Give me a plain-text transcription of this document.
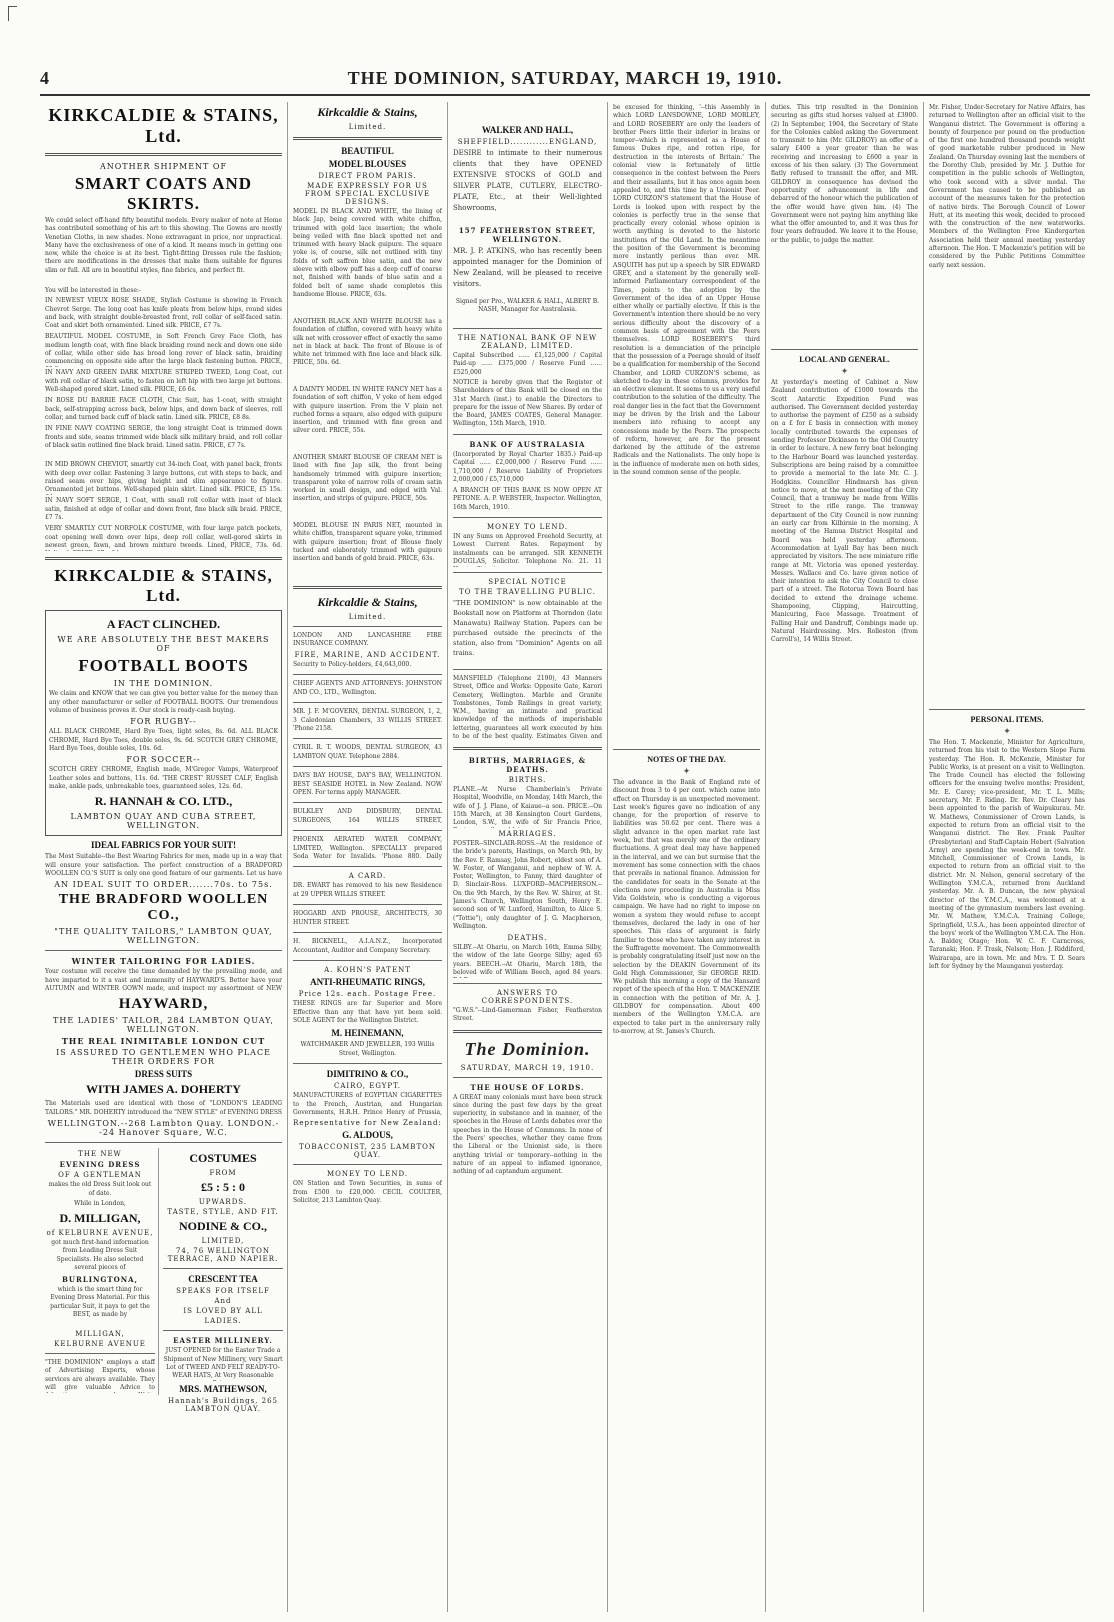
4	THE DOMINION, SATURDAY, MARCH 19, 1910.
KIRKCALDIE & STAINS, Ltd.
ANOTHER SHIPMENT OF
SMART COATS AND SKIRTS.
We could select off-hand fifty beautiful models. Every maker of note at Home has contributed something of his art to this showing. The Gowns are mostly Venetian Cloths, in new shades. None extravagant in price, nor unpractical. Many have the exclusiveness of one of a kind. It means much in getting one now, while the choice is at its best. Tight-fitting Dresses rule the fashion; there are modifications in the dresses that make them suitable for figures slim or full. All are in beautiful styles, fine fabrics, and perfect fit.
You will be interested in these:-
IN NEWEST VIEUX ROSE SHADE, Stylish Costume is showing in French Chevrot Serge. The long coat has knife pleats from below hips, round sides and back, with straight double-breasted front, roll collar of self-faced satin. Coat and skirt both ornamented. Lined silk. PRICE, £7 7s.
BEAUTIFUL MODEL COSTUME, in Soft French Grey Face Cloth, has medium length coat, with fine black braiding round neck and down one side of collar, while other side has broad long rover of black satin, braiding commencing on opposite side after the large black fastening button. PRICE,
IN NAVY AND GREEN DARK MIXTURE STRIPED TWEED, Long Coat, cut with roll collar of black satin, to fasten on left hip with two large jet buttons. Well-shaped gored skirt. Lined silk. PRICE, £6 6s.
IN ROSE DU BARRIE FACE CLOTH, Chic Suit, has 1-coat, with straight back, self-strapping across back, below hips, and down back of sleeves, roll collar, and turned back cuff of black satin. Lined silk. PRICE, £8 8s.
IN FINE NAVY COATING SERGE, the long straight Coat is trimmed down fronts and side, seams trimmed wide black silk military braid, and roll collar of black satin outlined fine black braid. Lined satin. PRICE, £7 7s.
IN MID BROWN CHEVIOT, smartly cut 34-inch Coat, with panel back, fronts with deep over collar. Fastening 3 large buttons, cut with steps to back, and raised seam over hips, giving height and slim appearance to figure. Ornamented jet buttons. Well-shaped plain skirt. Lined silk. PRICE, £5 15s.
IN NAVY SOFT SERGE, 1 Coat, with small roll collar with inset of black satin, finished at edge of collar and down front, fine black silk braid. PRICE, £7 7s.
VERY SMARTLY CUT NORFOLK COSTUME, with four large patch pockets, coat opening well down over hips, deep roll collar, well-gored skirts in newest green, fawn, and brown mixture tweeds. Lined, PRICE, 73s. 6d.
KIRKCALDIE & STAINS, Ltd.
A FACT CLINCHED.
WE ARE ABSOLUTELY THE BEST MAKERS OF
FOOTBALL BOOTS
IN THE DOMINION.
We claim and KNOW that we can give you better value for the money than any other manufacturer or seller of FOOTBALL BOOTS. Our tremendous volume of business proves it. Our stock is ready-cash buying.
FOR RUGBY--
ALL BLACK CHROME, Hard Bye Toes, light soles, 8s. 6d. ALL BLACK CHROME, Hard Bye Toes, double soles, 9s. 6d. SCOTCH GREY CHROME, Hard Bye Toes, double soles, 10s. 6d.
FOR SOCCER--
SCOTCH GREY CHROME, English made, M'Gregor Vamps, Waterproof Leather soles and buttons, 11s. 6d. 'THE CREST' RUSSET CALF, English make, ankle pads, unbreakable toes, guaranteed soles, 12s. 6d.
R. HANNAH & CO. LTD.,
LAMBTON QUAY AND CUBA STREET, WELLINGTON.
IDEAL FABRICS FOR YOUR SUIT!
The Most Suitable--the Best Wearing Fabrics for men, made up in a way that will ensure your satisfaction. The perfect construction of a BRADFORD WOOLLEN CO.'S SUIT is only one good feature of our garments. Let us have
AN IDEAL SUIT TO ORDER.......70s. to 75s.
THE BRADFORD WOOLLEN CO.,
"THE QUALITY TAILORS," LAMBTON QUAY, WELLINGTON.
WINTER TAILORING FOR LADIES.
Your costume will receive the time demanded by the prevailing mode, and have imparted to it a vast and immensity of HAYWARD'S. Better have your AUTUMN and WINTER GOWN made, and inspect my assortment of NEW
HAYWARD,
THE LADIES' TAILOR, 284 LAMBTON QUAY, WELLINGTON.
THE REAL INIMITABLE LONDON CUT
IS ASSURED TO GENTLEMEN WHO PLACE THEIR ORDERS FOR
DRESS SUITS
WITH JAMES A. DOHERTY
The Materials used are identical with those of "LONDON'S LEADING TAILORS." MR. DOHERTY introduced the "NEW STYLE" of EVENING DRESS
WELLINGTON.--268 Lambton Quay. LONDON.--24 Hanover Square, W.C.
THE NEW
EVENING DRESS
OF A GENTLEMAN
makes the old Dress Suit look out of date.
While in London,
D. MILLIGAN,
of KELBURNE AVENUE,
got much first-hand information from Leading Dress Suit Specialists. He also selected several pieces of
BURLINGTONA,
which is the smart thing for Evening Dress Material. For this particular Suit, it pays to get the BEST, as made by
MILLIGAN,
KELBURNE AVENUE
"THE DOMINION" employs a staff of Advertising Experts, whose services are always available. They will give valuable Advice to
COSTUMES
FROM
£5 : 5 : 0
UPWARDS.
TASTE, STYLE, AND FIT.
NODINE & CO.,
LIMITED,
74, 76 WELLINGTON TERRACE, AND NAPIER.
CRESCENT TEA
SPEAKS FOR ITSELF
And
IS LOVED BY ALL
LADIES.
EASTER MILLINERY.
JUST OPENED for the Easter Trade a Shipment of New Millinery, very Smart Lot of TWEED AND FELT READY-TO-WEAR HATS, At Very Reasonable
MRS. MATHEWSON,
Hannah's Buildings, 265 LAMBTON QUAY.
Kirkcaldie & Stains,
Limited.
BEAUTIFUL
MODEL BLOUSES
DIRECT FROM PARIS.
MADE EXPRESSLY FOR US FROM SPECIAL EXCLUSIVE DESIGNS.
MODEL IN BLACK AND WHITE, the lining of black Jap, being covered with white chiffon, trimmed with gold lace insertion; the whole being veiled with fine black spotted net and trimmed with heavy black guipure. The square yoke is, of course, silk net outlined with tiny folds of soft saffron blue satin, and the new sleeve with elbow puff has a deep cuff of coarse net, finished with bands of blue satin and a folded belt of same shade completes this handsome Blouse. PRICE, 63s.
ANOTHER BLACK AND WHITE BLOUSE has a foundation of chiffon, covered with heavy white silk net with crossover effect of exactly the same net in black at back. The front of Blouse is of white net trimmed with fine lace and black silk. PRICE, 50s. 6d.
A DAINTY MODEL IN WHITE FANCY NET has a foundation of soft chiffon, V yoke of hem edged with guipure insertion. From the V plain net ruched forms a square, also edged with guipure insertion, and trimmed with fine green and silver cord. PRICE, 55s.
ANOTHER SMART BLOUSE OF CREAM NET is lined with fine Jap silk, the front being handsomely trimmed with guipure insertion; transparent yoke of narrow rolls of cream satin worked in small design, and edged with Val. insertion, and strips of guipure. PRICE, 50s.
MODEL BLOUSE IN PARIS NET, mounted in white chiffon, transparent square yoke, trimmed with guipure insertion; front of Blouse finely tucked and elaborately trimmed with guipure insertion and bands of gold braid. PRICE, 63s.
Kirkcaldie & Stains,
Limited.
LONDON AND LANCASHIRE FIRE INSURANCE COMPANY.
FIRE, MARINE, AND ACCIDENT.
Security to Policy-holders, £4,643,000.
CHIEF AGENTS AND ATTORNEYS: JOHNSTON AND CO., LTD., Wellington.
MR. J. F. M'GOVERN, DENTAL SURGEON, 1, 2, 3 Caledonian Chambers, 33 WILLIS STREET. 'Phone 2158.
CYRIL R. T. WOODS, DENTAL SURGEON, 43 LAMBTON QUAY. Telephone 2884.
DAYS BAY HOUSE, DAY'S BAY, WELLINGTON. BEST SEASIDE HOTEL in New Zealand. NOW OPEN. For terms apply MANAGER.
BULKLEY AND DIDSBURY, DENTAL SURGEONS, 164 WILLIS STREET,
PHOENIX AERATED WATER COMPANY, LIMITED, Wellington. SPECIALLY prepared Soda Water for Invalids. 'Phone 880. Daily
A CARD.
DR. EWART has removed to his new Residence at 29 UPPER WILLIS STREET.
HOGGARD AND PROUSE, ARCHITECTS, 30 HUNTER STREET.
H. BICKNELL, A.I.A.N.Z., Incorporated Accountant, Auditor and Company Secretary.
A. KOHN'S PATENT
ANTI-RHEUMATIC RINGS,
Price 12s. each. Postage Free.
THESE RINGS are far Superior and More Effective than any that have yet been sold. SOLE AGENT for the Wellington District.
M. HEINEMANN,
WATCHMAKER AND JEWELLER, 193 Willis Street, Wellington.
DIMITRINO & CO.,
CAIRO, EGYPT.
MANUFACTURERS of EGYPTIAN CIGARETTES to the French, Austrian, and Hungarian Governments, H.R.H. Prince Henry of Prussia,
Representative for New Zealand:
G. ALDOUS,
TOBACCONIST, 235 LAMBTON QUAY.
MONEY TO LEND.
ON Station and Town Securities, in sums of from £500 to £20,000. CECIL COULTER, Solicitor, 213 Lambton Quay.
WALKER AND HALL,
SHEFFIELD............ENGLAND,
DESIRE to intimate to their numerous clients that they have OPENED EXTENSIVE STOCKS of GOLD and SILVER PLATE, CUTLERY, ELECTRO-PLATE, Etc., at their Well-lighted Showrooms,
157 FEATHERSTON STREET, WELLINGTON.
MR. J. P. ATKINS, who has recently been appointed manager for the Dominion of New Zealand, will be pleased to receive visitors.
Signed per Pro., WALKER & HALL, ALBERT B. NASH, Manager for Australasia.
THE NATIONAL BANK OF NEW ZEALAND, LIMITED.
Capital Subscribed ...... £1,125,000 / Capital Paid-up ...... £375,000 / Reserve Fund ...... £525,000
NOTICE is hereby given that the Register of Shareholders of this Bank will be closed on the 31st March (inst.) to enable the Directors to prepare for the issue of New Shares. By order of the Board, JAMES COATES, General Manager. Wellington, 15th March, 1910.
BANK OF AUSTRALASIA
(Incorporated by Royal Charter 1835.) Paid-up Capital ...... £2,000,000 / Reserve Fund ...... 1,710,000 / Reserve Liability of Proprietors 2,000,000 / £5,710,000
A BRANCH OF THIS BANK IS NOW OPEN AT PETONE. A. P. WEBSTER, Inspector. Wellington, 16th March, 1910.
MONEY TO LEND.
IN any Sums on Approved Freehold Security, at Lowest Current Rates. Repayment by instalments can be arranged. SIR KENNETH DOUGLAS, Solicitor. Telephone No. 21. 11
SPECIAL NOTICE
TO THE TRAVELLING PUBLIC.
"THE DOMINION" is now obtainable at the Bookstall now on Platform at Thorndon (late Manawatu) Railway Station. Papers can be purchased outside the precincts of the station, also from "Dominion" Agents on all trains.
MANSFIELD (Telephone 2190), 43 Manners Street, Office and Works: Opposite Gate, Karori Cemetery, Wellington. Marble and Granite Tombstones, Tomb Railings in great variety, W.M., having an intimate and practical knowledge of the methods of imperishable lettering, guarantees all work executed by him to be of the best quality. Estimates Given and
BIRTHS, MARRIAGES, & DEATHS.
BIRTHS.
PLANE.--At Nurse Chamberlain's Private Hospital, Woodville, on Monday, 14th March, the wife of J. J. Plane, of Kaiaue--a son. PRICE.--On 15th March, at 38 Kensington Court Gardens, London, S.W., the wife of Sir Francis Price,
MARRIAGES.
FOSTER--SINCLAIR-ROSS.--At the residence of the bride's parents, Hastings, on March 9th, by the Rev. F. Ramsay, John Robert, eldest son of A. W. Foster, of Wanganui, and nephew of W. A. Foster, Wellington, to Fanny, third daughter of D. Sinclair-Ross. LUXFORD--MACPHERSON.--On the 9th March, by the Rev. W. Shirer, at St. James's Church, Wellington South, Henry E. second son of W. Luxford, Hamilton, to Alice S. ("Tottie"), only daughter of J. G. Macpherson, Wellington.
DEATHS.
SILBY.--At Ohariu, on March 16th, Emma Silby, the widow of the late George Silby; aged 65 years. BEECH.--At Ohariu, March 18th, the beloved wife of William Beech, aged 84 years.
ANSWERS TO CORRESPONDENTS.
"G.W.S."--Lind-Gamerman Fisher, Featherston Street.
The Dominion.
SATURDAY, MARCH 19, 1910.
THE HOUSE OF LORDS.
A GREAT many colonials must have been struck since during the past few days by the great superiority, in substance and in manner, of the speeches in the House of Lords debates over the speeches in the House of Commons. In none of the Peers' speeches, whether they came from the Liberal or the Unionist side, is there anything trivial or temporary--nothing in the nature of an appeal to inflamed ignorance, nothing of ad captandum argument.
be excused for thinking, '--this Assembly in which LORD LANSDOWNE, LORD MORLEY, and LORD ROSEBERY are only the leaders of brother Peers little their inferior in brains or temper--which is represented as a House of famous Dukes ripe, and rotten ripe, for destruction in the interests of Britain.' The colonial view is fortunately of little consequence in the contest between the Peers and their assailants, but it has once again been appealed to, and this time by a Unionist Peer. LORD CURZON'S statement that the House of Lords is looked upon with respect by the colonies is perfectly true in the sense that practically every colonial whose opinion is worth anything is devoted to the historic institutions of the Old Land. In the meantime the position of the Government is becoming more instantly perilous than ever. MR. ASQUITH has put up a speech by SIR EDWARD GREY, and a statement by the generally well-informed Parliamentary correspondent of the Times, points to the adoption by the Government of the idea of an Upper House either wholly or partially elective. If this is the Government's intention there should be no very serious difficulty about the discovery of a common basis of agreement with the Peers themselves. LORD ROSEBERY'S third resolution is a denunciation of the principle that the possession of a Peerage should of itself be a qualification for membership of the Second Chamber, and LORD CURZON'S scheme, as sketched to-day in these columns, provides for an elective element. It seems to us a very useful contribution to the solution of the difficulty. The real danger lies in the fact that the Government may be driven by the Irish and the Labour members into refusing to accept any concessions made by the Peers. The prospects of reform, however, are for the present darkened by the attitude of the extreme Radicals and the Nationalists. The only hope is in the influence of moderate men on both sides, in the sound common sense of the people.
NOTES OF THE DAY.
✦
The advance in the Bank of England rate of discount from 3 to 4 per cent. which came into effect on Thursday is an unexpected movement. Last week's figures gave no indication of any change, for the proportion of reserve to liabilities was 50.62 per cent. There was a slight advance in the open market rate last week, but that was merely one of the ordinary fluctuations. A great deal may have happened in the interval, and we can but surmise that the movement has some connection with the chaos that prevails in national finance. Admission for the candidates for seats in the Senate at the elections now proceeding in Australia is Miss Vida Goldstein, who is conducting a vigorous campaign. We have had no right to impose on women a system they would refuse to accept themselves, declared the lady in one of her speeches. This class of argument is fairly familiar to those who have taken any interest in the Suffragette movement. The Commonwealth is probably congratulating itself just now on the selection by the DEAKIN Government of its Gold High Commissioner, Sir GEORGE REID. We publish this morning a copy of the Hansard report of the speech of the Hon. T. MACKENZIE in connection with the petition of Mr. A. J. GILDBOY for compensation. About 400 members of the Wellington Y.M.C.A. are expected to take part in the anniversary rally to-morrow, at St. James's Church.
duties. This trip resulted in the Dominion securing as gifts stud horses valued at £3900. (2) In September, 1904, the Secretary of State for the Colonies cabled asking the Government to transmit to him (Mr. GILDROY) an offer of a salary £400 a year greater than he was receiving and increasing to £600 a year in excess of his then salary. (3) The Government flatly refused to transmit the offer, and MR. GILDROY in consequence has devised the opportunity of advancement in life and debarred of the honour which the publication of the offer would have given him. (4) The Government were not paying him anything like what the offer amounted to, and it was thus for four years defrauded. We leave it to the House, or the public, to judge the matter.
LOCAL AND GENERAL.
✦
At yesterday's meeting of Cabinet a New Zealand contribution of £1000 towards the Scott Antarctic Expedition Fund was authorised. The Government decided yesterday to authorise the payment of £250 as a subsidy on a £ for £ basis in connection with money locally contributed towards the expenses of sending Professor Dickinson to the Old Country in order to lecture. A new ferry boat belonging to the Harbour Board was launched yesterday. Subscriptions are being raised by a committee to provide a memorial to the late Mr. C. J. Hodgkins. Councillor Hindmarsh has given notice to move, at the next meeting of the City Council, that a tramway be made from Willis Street to the rifle range. The tramway department of the City Council is now running an early car from Kilbirnie in the morning. A meeting of the Hamua District Hospital and Board was held yesterday afternoon. Accommodation at Lyall Bay has been much appreciated by visitors. The new miniature rifle range at Mt. Victoria was opened yesterday. Messrs. Wallace and Co. have given notice of their intention to ask the City Council to close part of a street. The Rotorua Town Board has decided to extend the drainage scheme. Shampooing, Clipping, Haircutting, Manicuring, Face Massage. Treatment of Falling Hair and Dandruff, Combings made up. Natural Hairdressing. Mrs. Rolleston (from Carroll's), 14 Willis Street.
Mr. Fisher, Under-Secretary for Native Affairs, has returned to Wellington after an official visit to the Wanganui district. The Government is offering a bounty of fourpence per pound on the production of the first one hundred thousand pounds weight of good marketable rubber produced in New Zealand. On Thursday evening last the members of the Dorothy Club, presided by Mr. J. Duthie for competition in the public schools of Wellington, who took second with a silver medal. The Government has caused to be published an account of the measures taken for the protection of native birds. The Borough Council of Lower Hutt, at its meeting this week, decided to proceed with the construction of the new waterworks. Members of the Wellington Free Kindergarten Association held their annual meeting yesterday afternoon. The Hon. T. Mackenzie's petition will be considered by the Public Petitions Committee early next session.
PERSONAL ITEMS.
✦
The Hon. T. Mackenzie, Minister for Agriculture, returned from his visit to the Western Slope Farm yesterday. The Hon. R. McKenzie, Minister for Public Works, is at present on a visit to Wellington. The Trade Council has elected the following officers for the ensuing twelve months: President, Mr. E. Carey; vice-president, Mr. T. L. Mills; secretary, Mr. F. Riding. Dr. Rev. Dr. Cleary has been appointed to the parish of Waipukurau. Mr. W. Mathews, Commissioner of Crown Lands, is expected to return from an official visit to the Wanganui district. The Rev. Frank Paulter (Presbyterian) and Staff-Captain Hebert (Salvation Army) are spending the week-end in town. Mr. Mitchell, Commissioner of Crown Lands, is expected to return from an official visit to the district. Mr. N. Nelson, general secretary of the Wellington Y.M.C.A., returned from Auckland yesterday. Mr. A. B. Duncan, the new physical director of the Y.M.C.A., was welcomed at a meeting of the gymnasium members last evening. Mr. W. Mathew, Y.M.C.A. Training College, Springfield, U.S.A., has been appointed director of the boys' work of the Wellington Y.M.C.A. The Hon. A. Baldey, Otago; Hon. W. C. F. Carncross, Taranaki; Hon. F. Trask, Nelson; Hon. J. Riddiford, Wairarapa, are in town. Mr. and Mrs. T. D. Sears left for Sydney by the Maunganui yesterday.
